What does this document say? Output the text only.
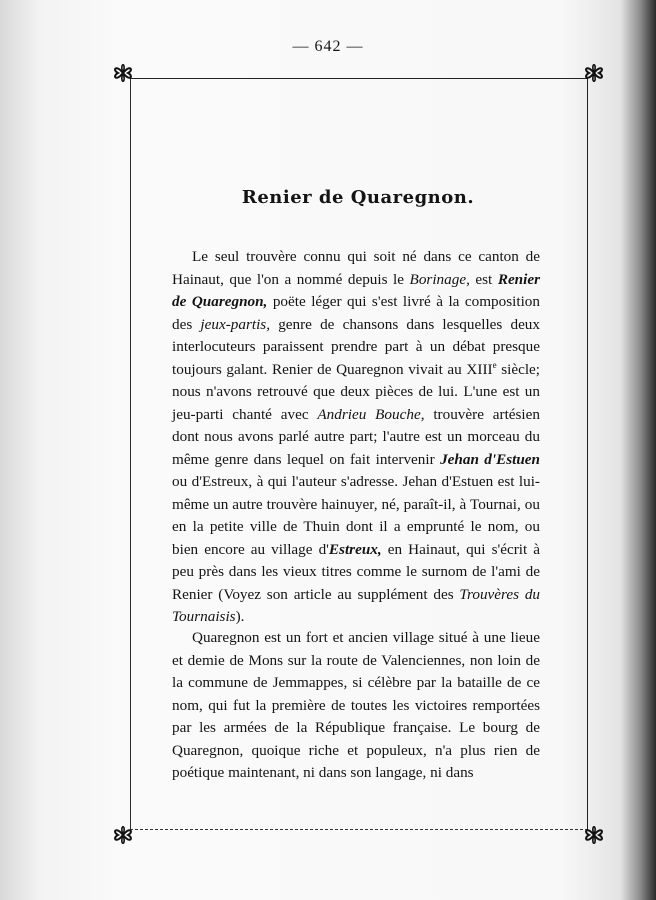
— 642 —
Renier de Quaregnon.

Le seul trouvère connu qui soit né dans ce canton de Hainaut, que l'on a nommé depuis le Borinage, est Renier de Quaregnon, poëte léger qui s'est livré à la composition des jeux-partis, genre de chansons dans lesquelles deux interlocuteurs paraissent prendre part à un débat presque toujours galant. Renier de Quaregnon vivait au XIIIe siècle; nous n'avons retrouvé que deux pièces de lui. L'une est un jeu-parti chanté avec Andrieu Bouche, trouvère artésien dont nous avons parlé autre part; l'autre est un morceau du même genre dans lequel on fait intervenir Jehan d'Estuen ou d'Estreux, à qui l'auteur s'adresse. Jehan d'Estuen est lui-même un autre trouvère hainuyer, né, paraît-il, à Tournai, ou en la petite ville de Thuin dont il a emprunté le nom, ou bien encore au village d'Estreux, en Hainaut, qui s'écrit à peu près dans les vieux titres comme le surnom de l'ami de Renier (Voyez son article au supplément des Trouvères du Tournaisis).

Quaregnon est un fort et ancien village situé à une lieue et demie de Mons sur la route de Valenciennes, non loin de la commune de Jemmappes, si célèbre par la bataille de ce nom, qui fut la première de toutes les victoires remportées par les armées de la République française. Le bourg de Quaregnon, quoique riche et populeux, n'a plus rien de poétique maintenant, ni dans son langage, ni dans
